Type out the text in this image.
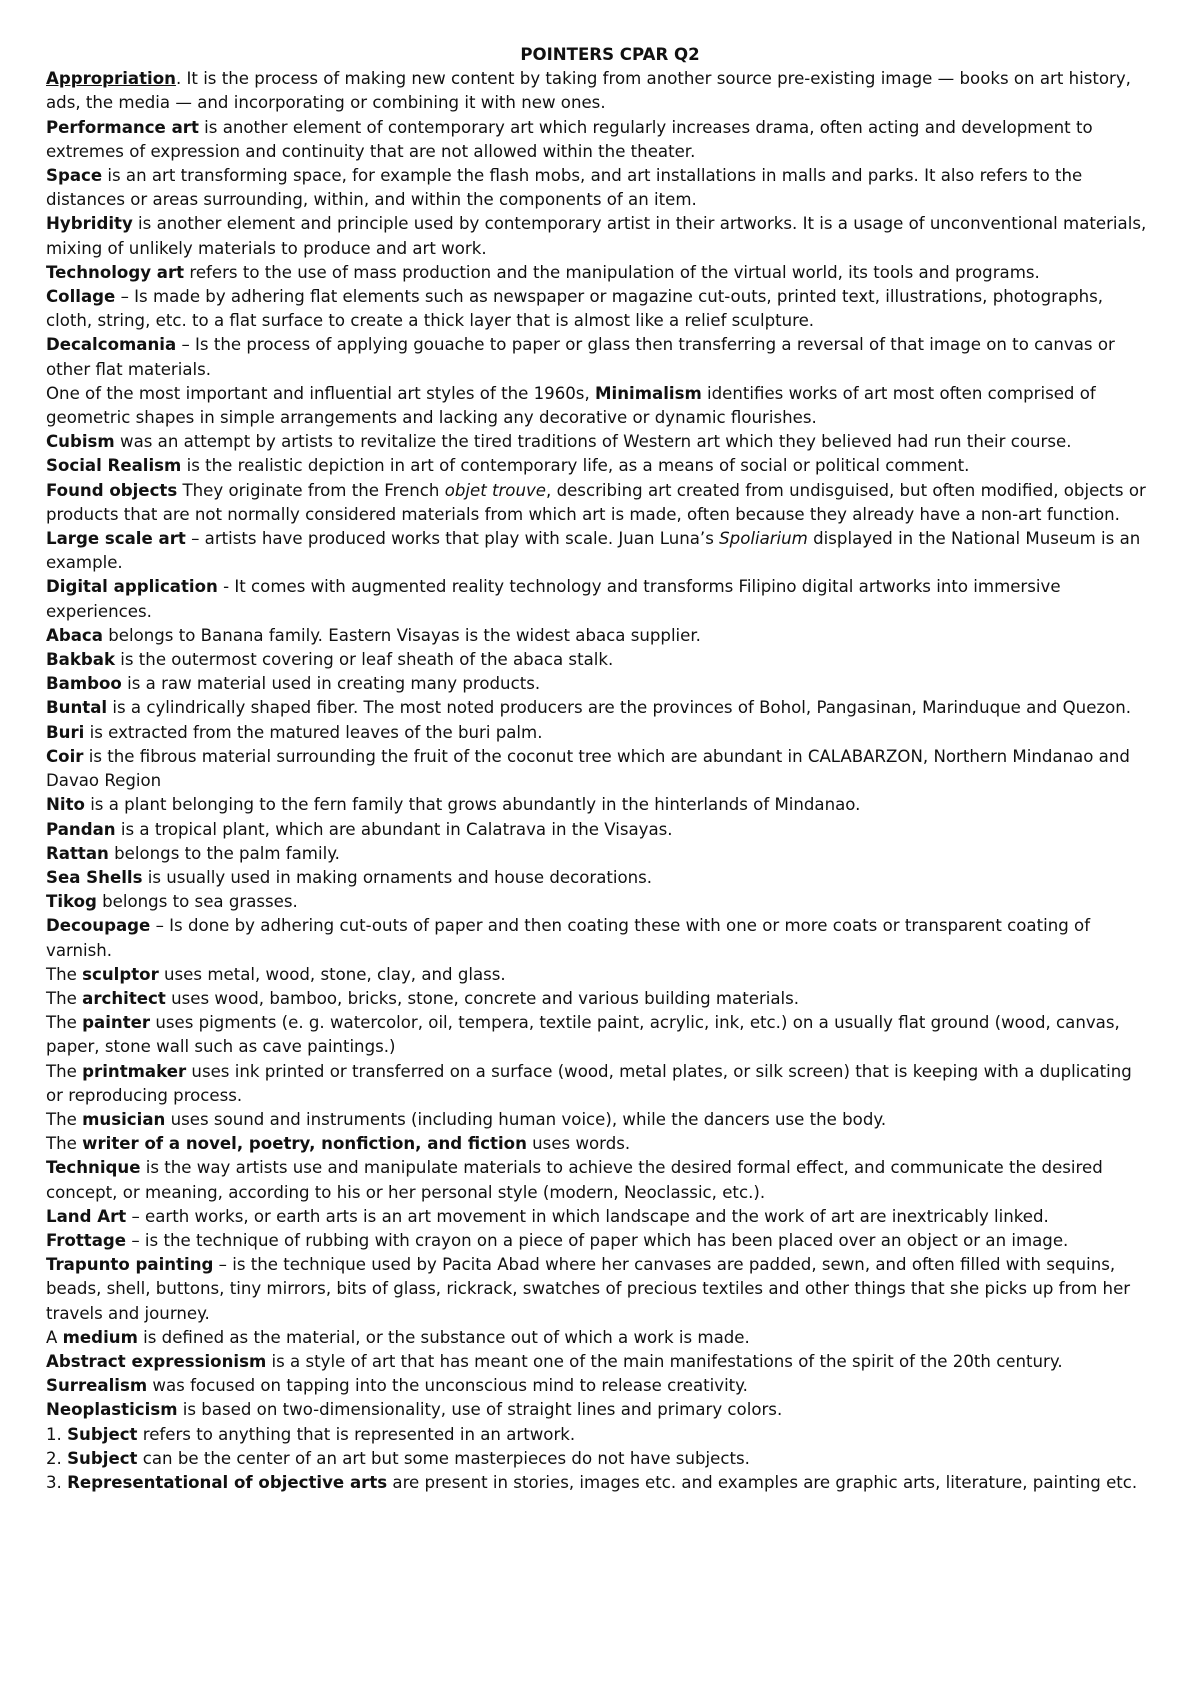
POINTERS CPAR Q2

Appropriation. It is the process of making new content by taking from another source pre-existing image — books on art history, ads, the media — and incorporating or combining it with new ones.

Performance art is another element of contemporary art which regularly increases drama, often acting and development to extremes of expression and continuity that are not allowed within the theater.

Space is an art transforming space, for example the flash mobs, and art installations in malls and parks. It also refers to the distances or areas surrounding, within, and within the components of an item.

Hybridity is another element and principle used by contemporary artist in their artworks. It is a usage of unconventional materials, mixing of unlikely materials to produce and art work.

Technology art refers to the use of mass production and the manipulation of the virtual world, its tools and programs.

Collage – Is made by adhering flat elements such as newspaper or magazine cut-outs, printed text, illustrations, photographs, cloth, string, etc. to a flat surface to create a thick layer that is almost like a relief sculpture.

Decalcomania – Is the process of applying gouache to paper or glass then transferring a reversal of that image on to canvas or other flat materials.

One of the most important and influential art styles of the 1960s, Minimalism identifies works of art most often comprised of geometric shapes in simple arrangements and lacking any decorative or dynamic flourishes.

Cubism was an attempt by artists to revitalize the tired traditions of Western art which they believed had run their course.

Social Realism is the realistic depiction in art of contemporary life, as a means of social or political comment.

Found objects They originate from the French objet trouve, describing art created from undisguised, but often modified, objects or products that are not normally considered materials from which art is made, often because they already have a non-art function.

Large scale art – artists have produced works that play with scale. Juan Luna’s Spoliarium displayed in the National Museum is an example.

Digital application - It comes with augmented reality technology and transforms Filipino digital artworks into immersive experiences.

Abaca belongs to Banana family. Eastern Visayas is the widest abaca supplier.

Bakbak is the outermost covering or leaf sheath of the abaca stalk.

Bamboo is a raw material used in creating many products.

Buntal is a cylindrically shaped fiber. The most noted producers are the provinces of Bohol, Pangasinan, Marinduque and Quezon.

Buri is extracted from the matured leaves of the buri palm.

Coir is the fibrous material surrounding the fruit of the coconut tree which are abundant in CALABARZON, Northern Mindanao and Davao Region

Nito is a plant belonging to the fern family that grows abundantly in the hinterlands of Mindanao.

Pandan is a tropical plant, which are abundant in Calatrava in the Visayas.

Rattan belongs to the palm family.

Sea Shells is usually used in making ornaments and house decorations.

Tikog belongs to sea grasses.

Decoupage – Is done by adhering cut-outs of paper and then coating these with one or more coats or transparent coating of varnish.

The sculptor uses metal, wood, stone, clay, and glass.

The architect uses wood, bamboo, bricks, stone, concrete and various building materials.

The painter uses pigments (e. g. watercolor, oil, tempera, textile paint, acrylic, ink, etc.) on a usually flat ground (wood, canvas, paper, stone wall such as cave paintings.)

The printmaker uses ink printed or transferred on a surface (wood, metal plates, or silk screen) that is keeping with a duplicating or reproducing process.

The musician uses sound and instruments (including human voice), while the dancers use the body.

The writer of a novel, poetry, nonfiction, and fiction uses words.

Technique is the way artists use and manipulate materials to achieve the desired formal effect, and communicate the desired concept, or meaning, according to his or her personal style (modern, Neoclassic, etc.).

Land Art – earth works, or earth arts is an art movement in which landscape and the work of art are inextricably linked.

Frottage – is the technique of rubbing with crayon on a piece of paper which has been placed over an object or an image.

Trapunto painting – is the technique used by Pacita Abad where her canvases are padded, sewn, and often filled with sequins, beads, shell, buttons, tiny mirrors, bits of glass, rickrack, swatches of precious textiles and other things that she picks up from her travels and journey.

A medium is defined as the material, or the substance out of which a work is made.

Abstract expressionism is a style of art that has meant one of the main manifestations of the spirit of the 20th century.

Surrealism was focused on tapping into the unconscious mind to release creativity.

Neoplasticism is based on two-dimensionality, use of straight lines and primary colors.

1. Subject refers to anything that is represented in an artwork.

2. Subject can be the center of an art but some masterpieces do not have subjects.

3. Representational of objective arts are present in stories, images etc. and examples are graphic arts, literature, painting etc.
